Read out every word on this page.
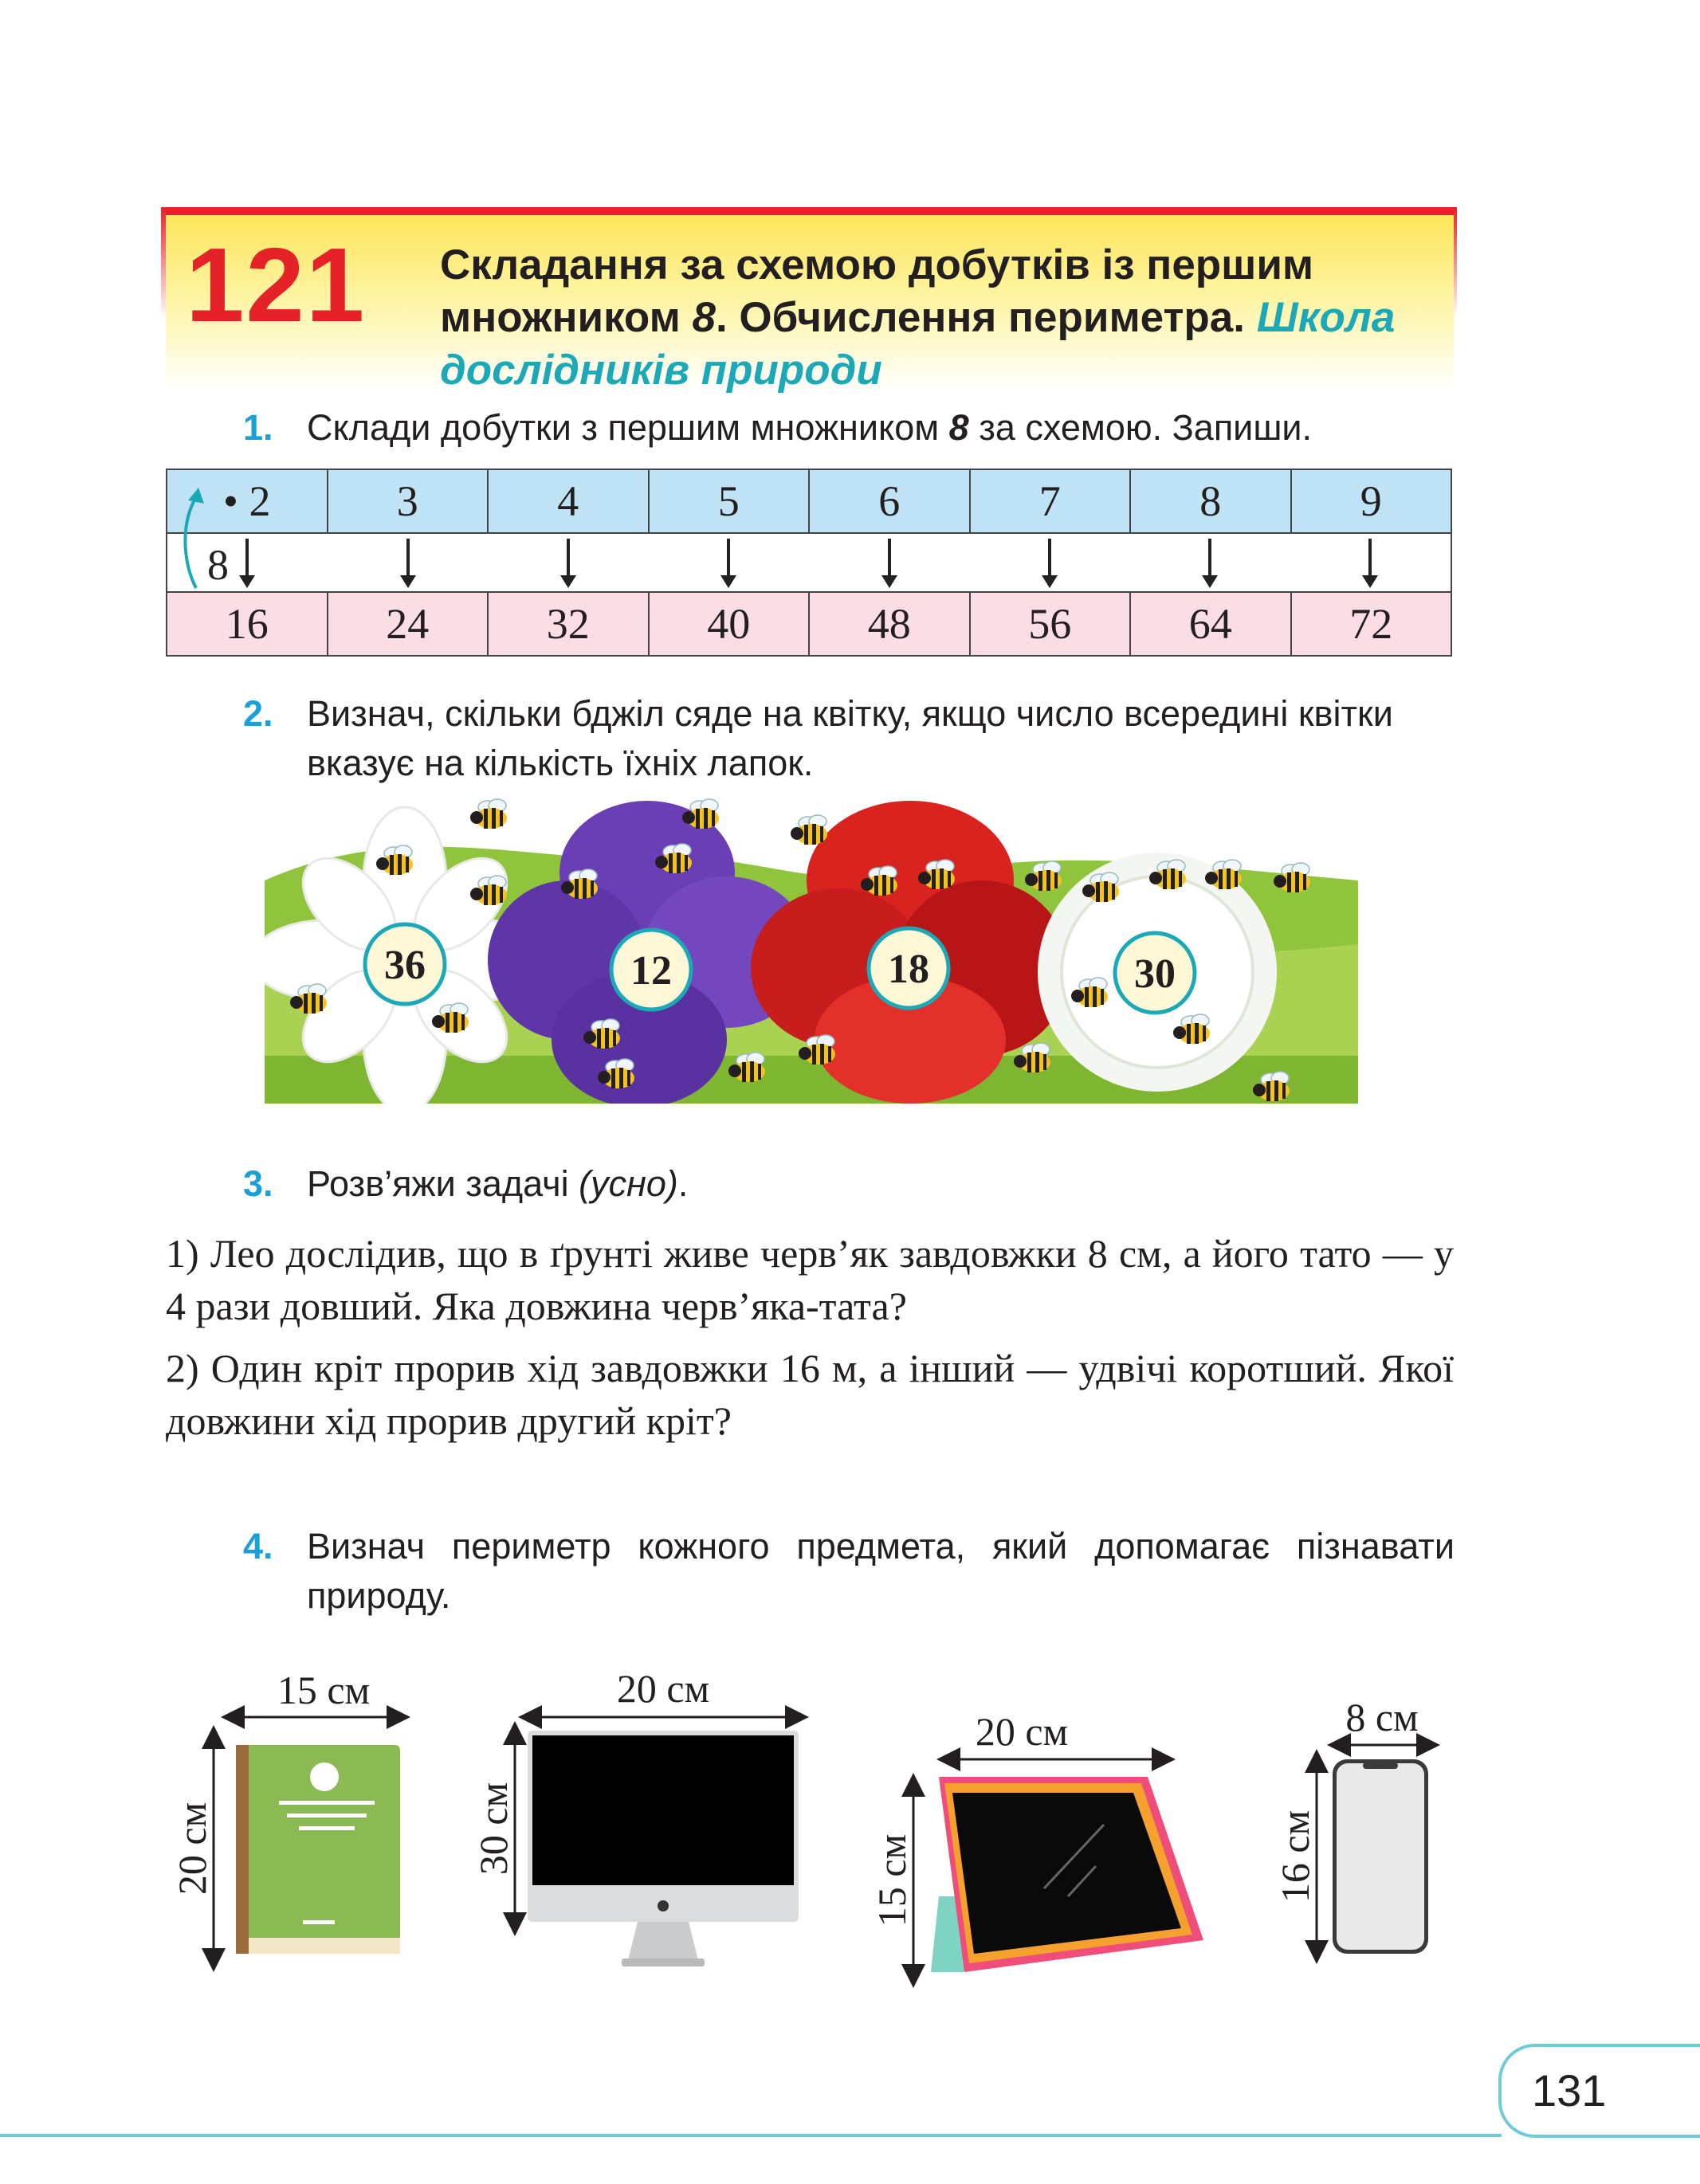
121 Складання за схемою добутків із першим множником 8. Обчислення периметра. Школа дослідників природи
1. Склади добутки з першим множником 8 за схемою. Запиши.
• 2	3	4	5	6	7	8	9
8
16	24	32	40	48	56	64	72
2. Визнач, скільки бджіл сяде на квітку, якщо число всередині квітки вказує на кількість їхніх лапок.
36	12	18	30
3. Розв’яжи задачі (усно).

1) Лео дослідив, що в ґрунті живе черв’як завдовжки 8 см, а його тато — у 4 рази довший. Яка довжина черв’яка-тата?

2) Один кріт прорив хід завдовжки 16 м, а інший — удвічі коротший. Якої довжини хід прорив другий кріт?

4. Визнач периметр кожного предмета, який допомагає пізнавати природу.
15 см
20 см
20 см
30 см
20 см
15 см
8 см
16 см
131
